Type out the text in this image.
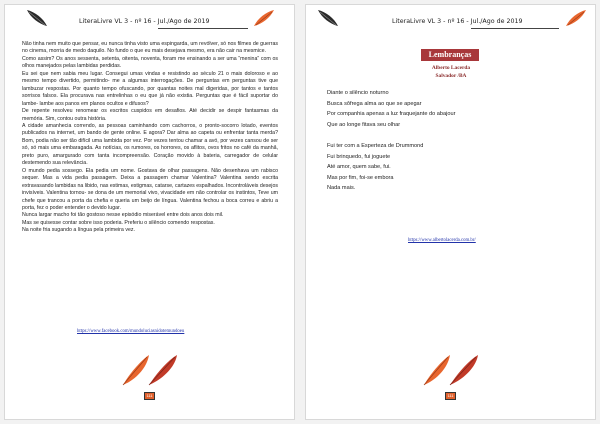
LiteraLivre VL 3 - nº 16 - Jul./Ago de 2019

Não tinha nem muito que pensar, eu nunca tinha visto uma espingarda, um revólver, só nos filmes de guerras no cinema, morria de medo daquilo. No fundo o que eu mais desejava mesmo, era não cair na mesmice.

Como assim? Os anos sessenta, setenta, oitenta, noventa, foram me ensinando a ser uma “menina” com os olhos manejados pelas lambidas perdidas.

Eu sei que nem sabia meu lugar. Consegui umas vindas e resistindo ao século 21 o mais doloroso e ao mesmo tempo divertido, permitindo- me a algumas interrogações. De perguntas em perguntas tive que lambuzar respostas. Por quanto tempo ofuscando, por quantas noites mal digeridas, por tantos e tantos sorrisos falsos. Ela procurava nas entrelinhas o eu que já não existia. Perguntas que é fácil suportar do lambe- lambe aos panos em planos ocultos e difusos?

De repente resolveu renomear os escritos cuspidos em desafios. Até decidir se despir fantasmas da memória. Sim, contou outra história.

A cidade amanhecia correndo, as pessoas caminhando com cachorros, o pronto-socorro lotado, eventos publicados na internet, um bando de gente online. E agora? Dar alma ao capeta ou enfrentar tanta merda? Bom, podia não ser tão difícil uma lambida por vez. Por vezes tentou chamar a avó, por vezes cansou de ser só, só mais uma embaragada. As notícias, os rumores, os horrores, os aflitos, ovos fritos no café da manhã, preto puro, amargurado com tanta incompreensão. Coração movido à bateria, carregador de celular destemendo sua relevância.

O mundo pedia sossego. Ela pedia um nome. Gostava de olhar passagens. Não desenhava um rabisco sequer. Mas a vida pedia passagem. Deixa a passagem chamar Valentina? Valentina sendo escrita extravasando lambidas na libido, nas estimas, estigmas, catarse, cartazes espalhados. Incontroláveis desejos invisíveis. Valentina tornou- se dona de um memorial vivo, vivacidade em não controlar os instintos, Teve um chefe que trancou a porta da chefia e queria um beijo de língua. Valentina fechou a boca correu e abriu a porta, fez o poder entender o devido lugar.

Nunca largar macho foi tão gostoso nesse episódio miserável entre dois anos dois mil.

Mas se quisesse contar sobre isso poderia. Preferiu o silêncio comendo respostas.

Na noite fria sugando a língua pela primeira vez.

https://www.facebook.com/mundoluciasnidotemundoeu
111
LiteraLivre VL 3 - nº 16 - Jul./Ago de 2019
Lembranças
Alberto Lacerda
Salvador /BA
Diante o silêncio noturno
Busca sôfrega alma ao que se apegar
Por companhia apenas a luz fraquejante do abajour
Que ao longe fitava seu olhar
Fui ter com a Esperteza de Drummond
Fui brinquedo, fui joguete
Até amor, quem sabe, fui.
Mas por fim, foi-se embora
Nada mais.
https://www.albertolacerda.com.br/
111
